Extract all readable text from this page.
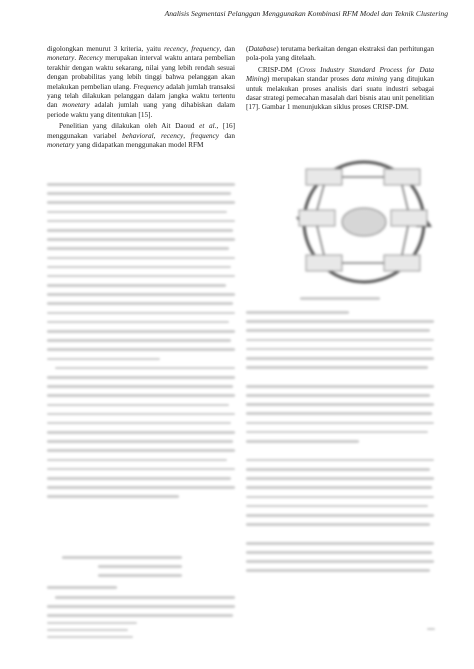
Analisis Segmentasi Pelanggan Menggunakan Kombinasi RFM Model dan Teknik Clustering

digolongkan menurut 3 kriteria, yaitu recency, frequency, dan monetary. Recency merupakan interval waktu antara pembelian terakhir dengan waktu sekarang, nilai yang lebih rendah sesuai dengan probabilitas yang lebih tinggi bahwa pelanggan akan melakukan pembelian ulang. Frequency adalah jumlah transaksi yang telah dilakukan pelanggan dalam jangka waktu tertentu dan monetary adalah jumlah uang yang dihabiskan dalam periode waktu yang ditentukan [15].

Penelitian yang dilakukan oleh Ait Daoud et al., [16] menggunakan variabel behavioral, recency, frequency dan monetary yang didapatkan menggunakan model RFM

(Database) terutama berkaitan dengan ekstraksi dan perhitungan pola-pola yang ditelaah.

CRISP-DM (Cross Industry Standard Process for Data Mining) merupakan standar proses data mining yang ditujukan untuk melakukan proses analisis dari suatu industri sebagai dasar strategi pemecahan masalah dari bisnis atau unit penelitian [17]. Gambar 1 menunjukkan siklus proses CRISP-DM.
